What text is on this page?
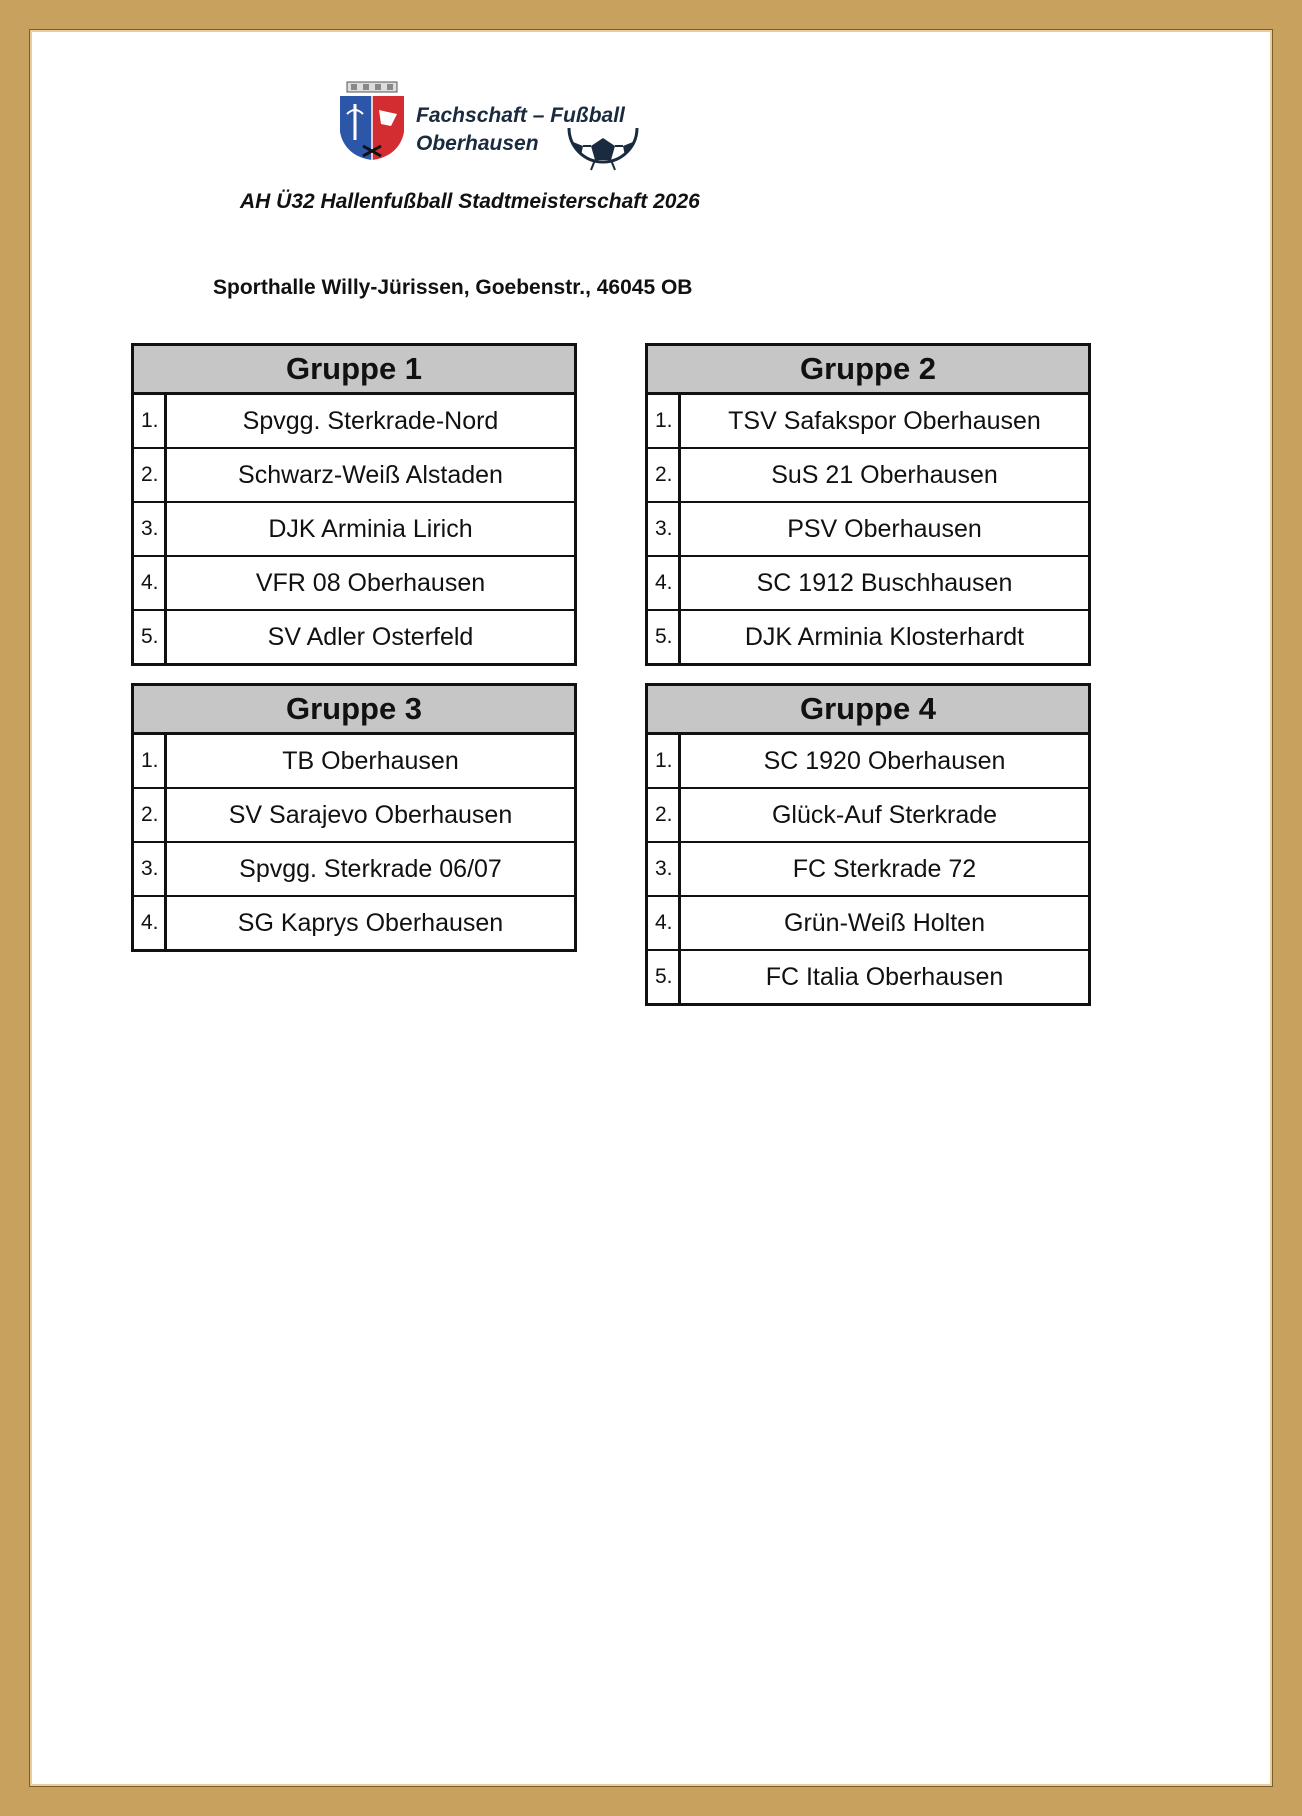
Fachschaft – Fußball
Oberhausen
AH Ü32 Hallenfußball Stadtmeisterschaft 2026
Sporthalle Willy-Jürissen, Goebenstr., 46045 OB
Gruppe 1
1.	Spvgg. Sterkrade-Nord
2.	Schwarz-Weiß Alstaden
3.	DJK Arminia Lirich
4.	VFR 08 Oberhausen
5.	SV Adler Osterfeld
Gruppe 2
1.	TSV Safakspor Oberhausen
2.	SuS 21 Oberhausen
3.	PSV Oberhausen
4.	SC 1912 Buschhausen
5.	DJK Arminia Klosterhardt
Gruppe 3
1.	TB Oberhausen
2.	SV Sarajevo Oberhausen
3.	Spvgg. Sterkrade 06/07
4.	SG Kaprys Oberhausen
Gruppe 4
1.	SC 1920 Oberhausen
2.	Glück-Auf Sterkrade
3.	FC Sterkrade 72
4.	Grün-Weiß Holten
5.	FC Italia Oberhausen
